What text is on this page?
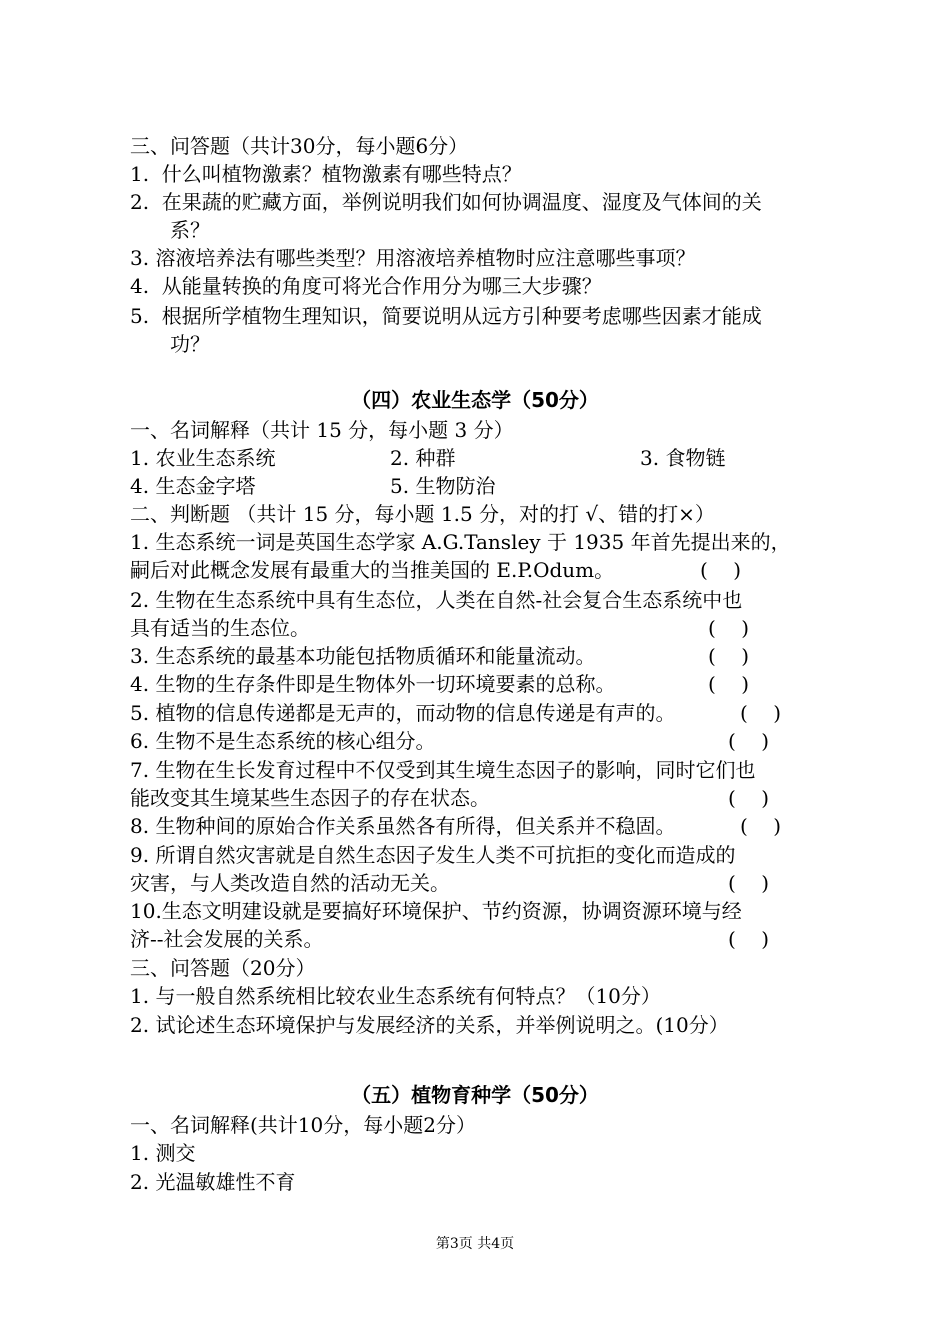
三、问答题（共计30分，每小题6分）
1.  什么叫植物激素？植物激素有哪些特点？
2.  在果蔬的贮藏方面，举例说明我们如何协调温度、湿度及气体间的关
系？
3. 溶液培养法有哪些类型？用溶液培养植物时应注意哪些事项？
4.  从能量转换的角度可将光合作用分为哪三大步骤？
5.  根据所学植物生理知识，简要说明从远方引种要考虑哪些因素才能成
功？
（四）农业生态学（50分）
一、名词解释（共计 15 分，每小题 3 分）
1. 农业生态系统	2. 种群	3. 食物链
4. 生态金字塔	5. 生物防治
二、判断题 （共计 15 分，每小题 1.5 分，对的打 √、错的打×）
1. 生态系统一词是英国生态学家 A.G.Tansley 于 1935 年首先提出来的，
嗣后对此概念发展有最重大的当推美国的 E.P.Odum。	(    )
2. 生物在生态系统中具有生态位，人类在自然-社会复合生态系统中也
具有适当的生态位。	(    )
3. 生态系统的最基本功能包括物质循环和能量流动。	(    )
4. 生物的生存条件即是生物体外一切环境要素的总称。	(    )
5. 植物的信息传递都是无声的，而动物的信息传递是有声的。	(    )
6. 生物不是生态系统的核心组分。	(    )
7. 生物在生长发育过程中不仅受到其生境生态因子的影响，同时它们也
能改变其生境某些生态因子的存在状态。	(    )
8. 生物种间的原始合作关系虽然各有所得，但关系并不稳固。	(    )
9. 所谓自然灾害就是自然生态因子发生人类不可抗拒的变化而造成的
灾害，与人类改造自然的活动无关。	(    )
10.生态文明建设就是要搞好环境保护、节约资源，协调资源环境与经
济--社会发展的关系。	(    )
三、问答题（20分）
1. 与一般自然系统相比较农业生态系统有何特点？（10分）
2. 试论述生态环境保护与发展经济的关系，并举例说明之。(10分）
（五）植物育种学（50分）
一、名词解释(共计10分，每小题2分）
1. 测交
2. 光温敏雄性不育
第3页 共4页
